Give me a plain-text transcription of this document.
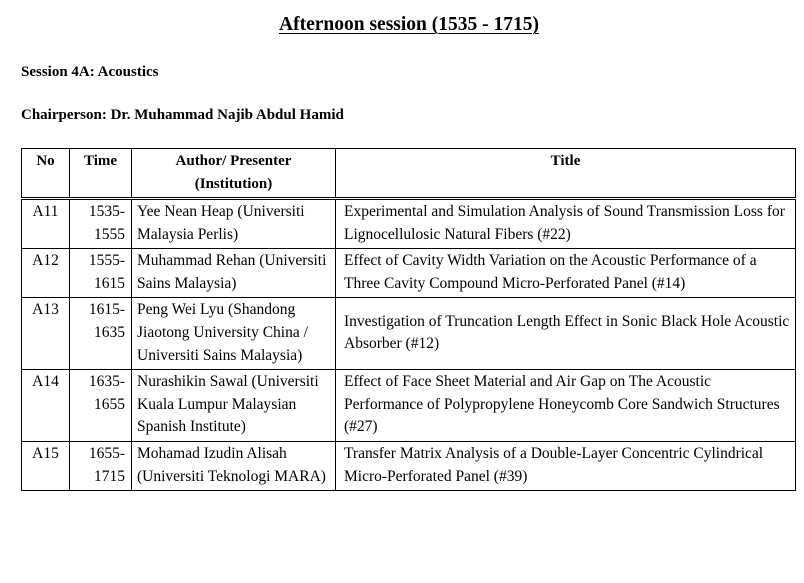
Afternoon session (1535 - 1715)
Session 4A: Acoustics
Chairperson: Dr. Muhammad Najib Abdul Hamid
No	Time	Author/ Presenter (Institution)	Title
A11	1535-1555	Yee Nean Heap (Universiti Malaysia Perlis)	Experimental and Simulation Analysis of Sound Transmission Loss for Lignocellulosic Natural Fibers (#22)
A12	1555-1615	Muhammad Rehan (Universiti Sains Malaysia)	Effect of Cavity Width Variation on the Acoustic Performance of a Three Cavity Compound Micro-Perforated Panel (#14)
A13	1615-1635	Peng Wei Lyu (Shandong Jiaotong University China / Universiti Sains Malaysia)	Investigation of Truncation Length Effect in Sonic Black Hole Acoustic Absorber (#12)
A14	1635-1655	Nurashikin Sawal (Universiti Kuala Lumpur Malaysian Spanish Institute)	Effect of Face Sheet Material and Air Gap on The Acoustic Performance of Polypropylene Honeycomb Core Sandwich Structures (#27)
A15	1655-1715	Mohamad Izudin Alisah (Universiti Teknologi MARA)	Transfer Matrix Analysis of a Double-Layer Concentric Cylindrical Micro-Perforated Panel (#39)
